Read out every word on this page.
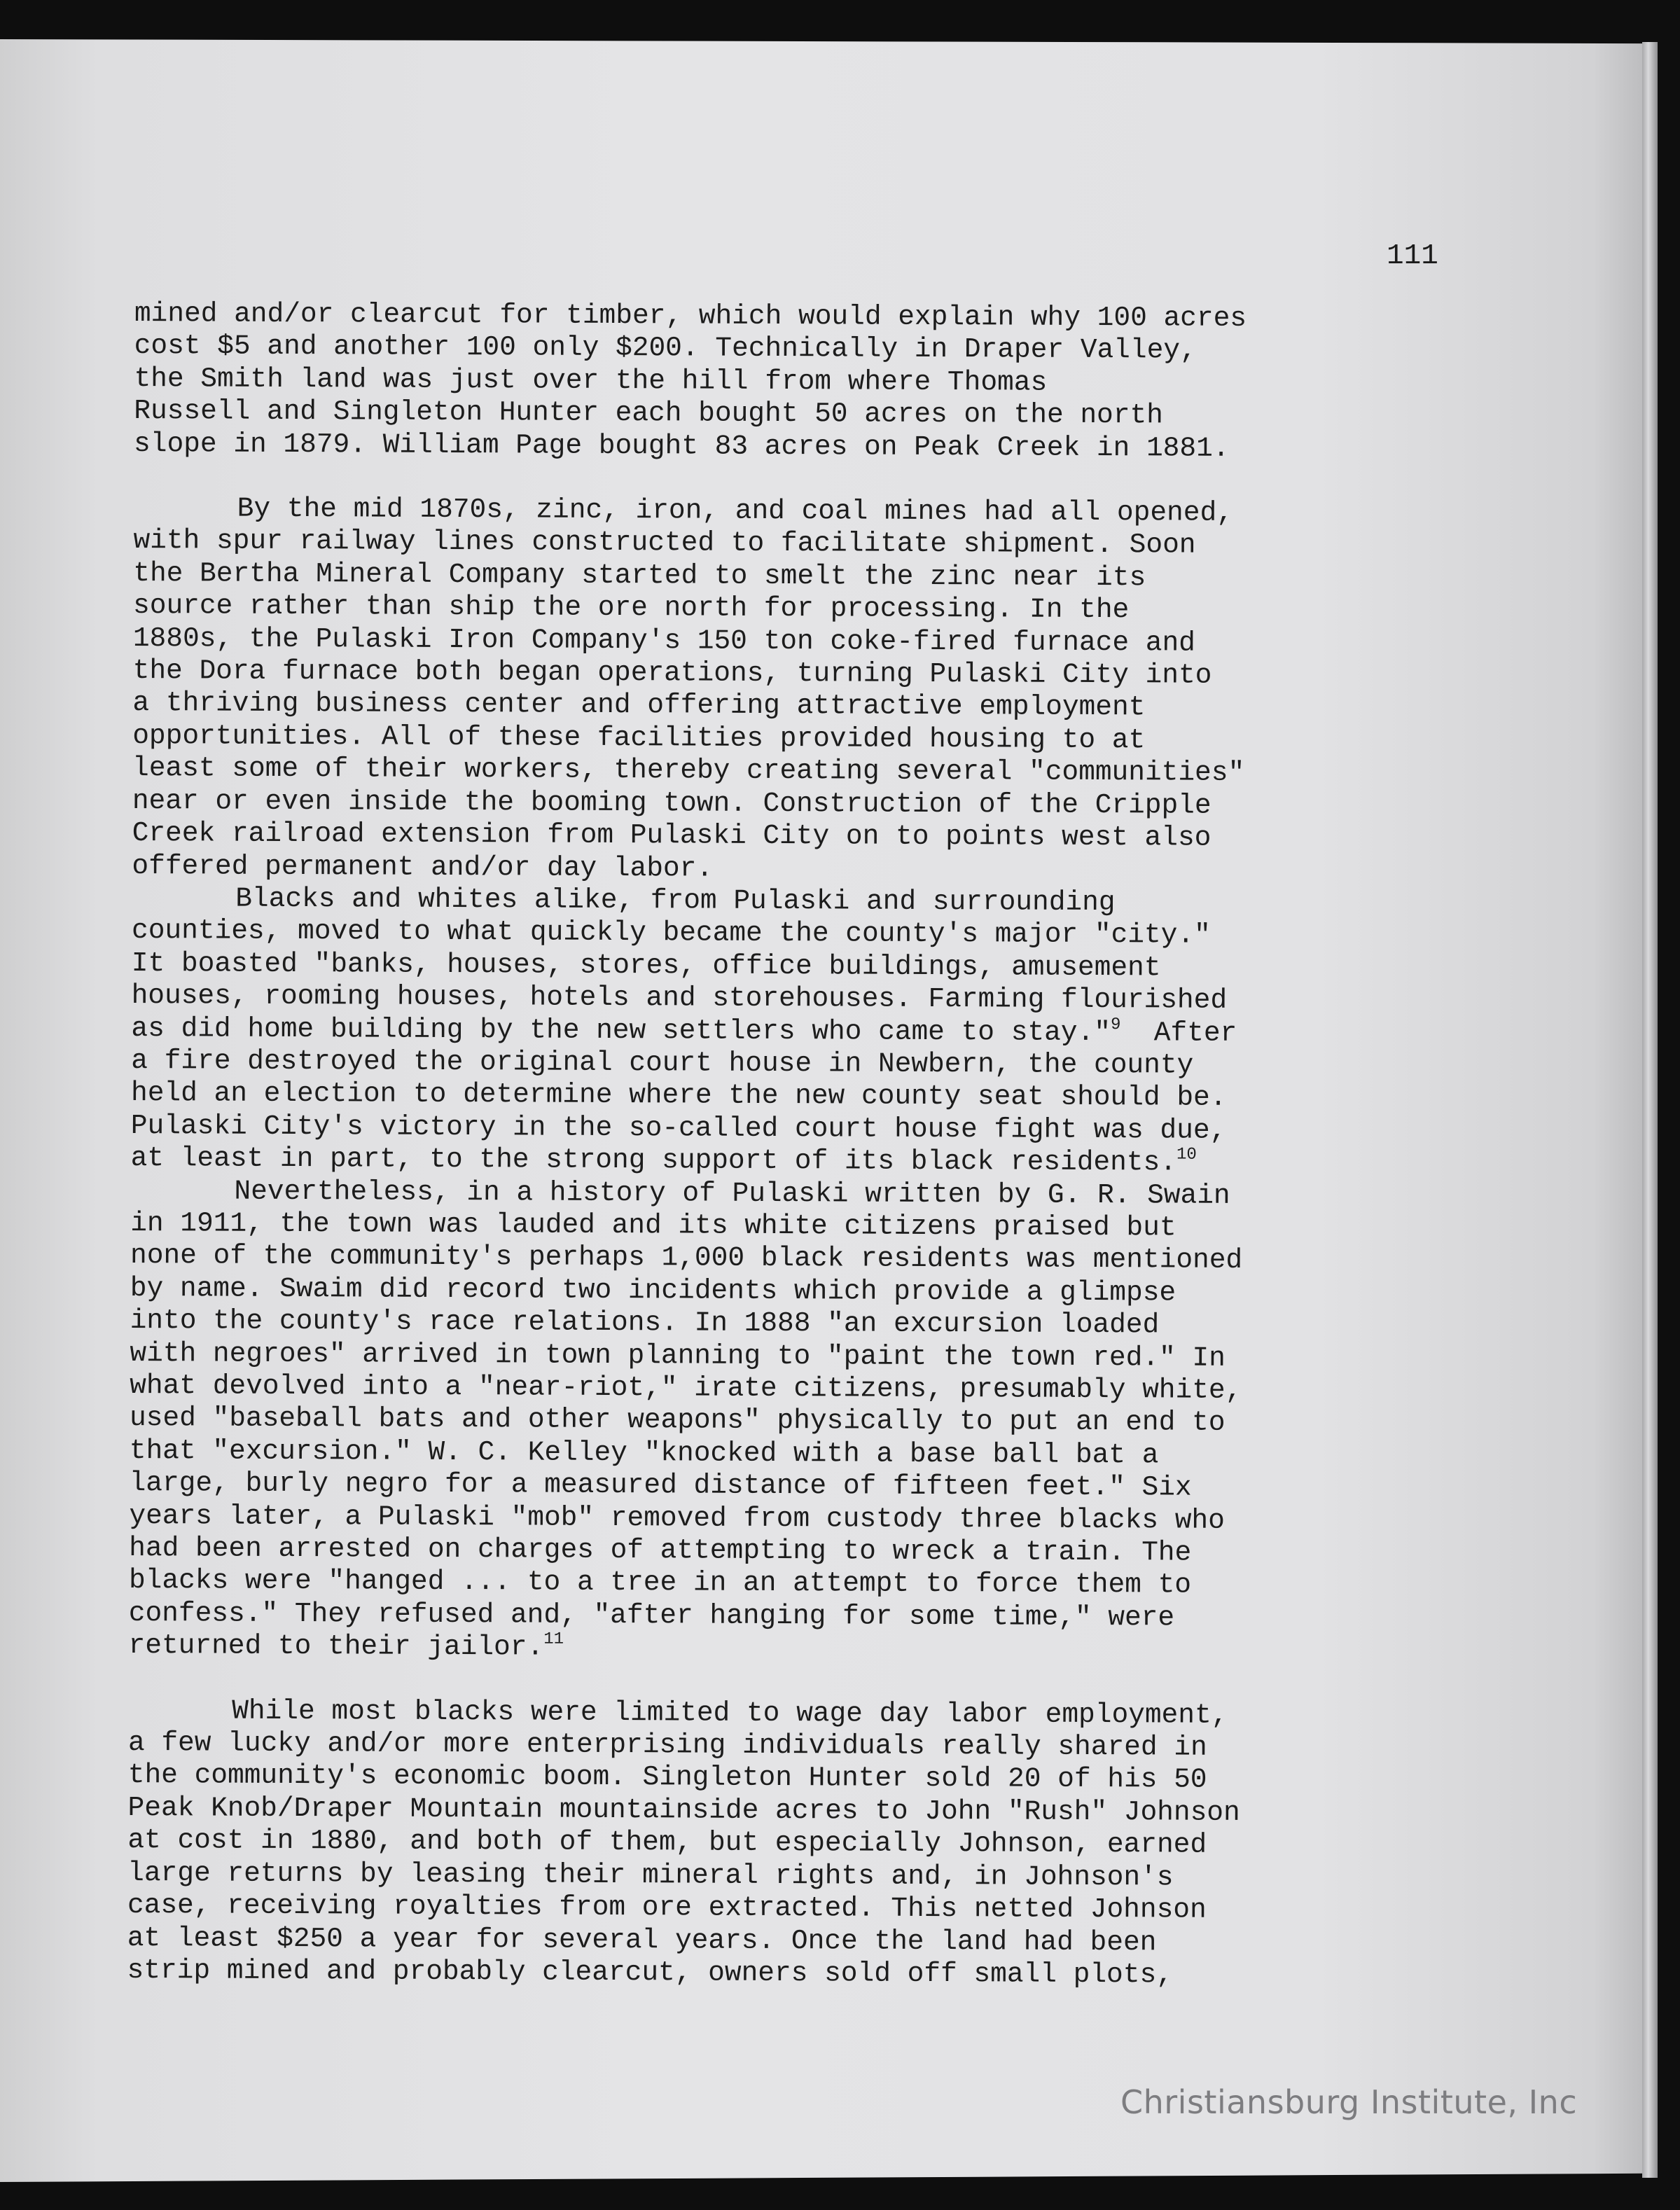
111

mined and/or clearcut for timber, which would explain why 100 acres
cost $5 and another 100 only $200. Technically in Draper Valley,
the Smith land was just over the hill from where Thomas
Russell and Singleton Hunter each bought 50 acres on the north
slope in 1879. William Page bought 83 acres on Peak Creek in 1881.

By the mid 1870s, zinc, iron, and coal mines had all opened,
with spur railway lines constructed to facilitate shipment. Soon
the Bertha Mineral Company started to smelt the zinc near its
source rather than ship the ore north for processing. In the
1880s, the Pulaski Iron Company's 150 ton coke-fired furnace and
the Dora furnace both began operations, turning Pulaski City into
a thriving business center and offering attractive employment
opportunities. All of these facilities provided housing to at
least some of their workers, thereby creating several "communities"
near or even inside the booming town. Construction of the Cripple
Creek railroad extension from Pulaski City on to points west also
offered permanent and/or day labor.

Blacks and whites alike, from Pulaski and surrounding
counties, moved to what quickly became the county's major "city."
It boasted "banks, houses, stores, office buildings, amusement
houses, rooming houses, hotels and storehouses. Farming flourished
as did home building by the new settlers who came to stay."$^9$  After
a fire destroyed the original court house in Newbern, the county
held an election to determine where the new county seat should be.
Pulaski City's victory in the so-called court house fight was due,
at least in part, to the strong support of its black residents.$^{10}$

Nevertheless, in a history of Pulaski written by G. R. Swain
in 1911, the town was lauded and its white citizens praised but
none of the community's perhaps 1,000 black residents was mentioned
by name. Swaim did record two incidents which provide a glimpse
into the county's race relations. In 1888 "an excursion loaded
with negroes" arrived in town planning to "paint the town red." In
what devolved into a "near-riot," irate citizens, presumably white,
used "baseball bats and other weapons" physically to put an end to
that "excursion." W. C. Kelley "knocked with a base ball bat a
large, burly negro for a measured distance of fifteen feet." Six
years later, a Pulaski "mob" removed from custody three blacks who
had been arrested on charges of attempting to wreck a train. The
blacks were "hanged ... to a tree in an attempt to force them to
confess." They refused and, "after hanging for some time," were
returned to their jailor.$^{11}$

While most blacks were limited to wage day labor employment,
a few lucky and/or more enterprising individuals really shared in
the community's economic boom. Singleton Hunter sold 20 of his 50
Peak Knob/Draper Mountain mountainside acres to John "Rush" Johnson
at cost in 1880, and both of them, but especially Johnson, earned
large returns by leasing their mineral rights and, in Johnson's
case, receiving royalties from ore extracted. This netted Johnson
at least $250 a year for several years. Once the land had been
strip mined and probably clearcut, owners sold off small plots,

Christiansburg Institute, Inc
